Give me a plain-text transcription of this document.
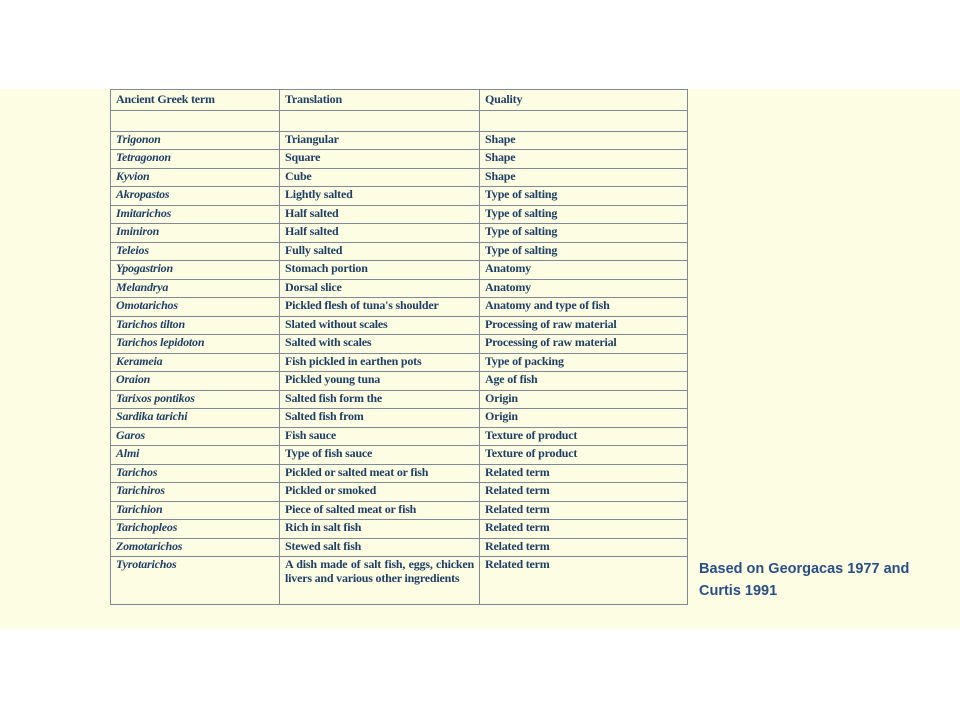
Ancient Greek term	Translation	Quality

Trigonon	Triangular	Shape
Tetragonon	Square	Shape
Kyvion	Cube	Shape
Akropastos	Lightly salted	Type of salting
Imitarichos	Half salted	Type of salting
Iminiron	Half salted	Type of salting
Teleios	Fully salted	Type of salting
Ypogastrion	Stomach portion	Anatomy
Melandrya	Dorsal slice	Anatomy
Omotarichos	Pickled flesh of tuna's shoulder	Anatomy and type of fish
Tarichos tilton	Slated without scales	Processing of raw material
Tarichos lepidoton	Salted with scales	Processing of raw material
Kerameia	Fish pickled in earthen pots	Type of packing
Oraion	Pickled young tuna	Age of fish
Tarixos pontikos	Salted fish form the	Origin
Sardika tarichi	Salted fish from	Origin
Garos	Fish sauce	Texture of product
Almi	Type of fish sauce	Texture of product
Tarichos	Pickled or salted meat or fish	Related term
Tarichiros	Pickled or smoked	Related term
Tarichion	Piece of salted meat or fish	Related term
Tarichopleos	Rich in salt fish	Related term
Zomotarichos	Stewed salt fish	Related term
Tyrotarichos	A dish made of salt fish, eggs, chicken livers and various other ingredients	Related term	Based on Georgacas 1977 and Curtis 1991
